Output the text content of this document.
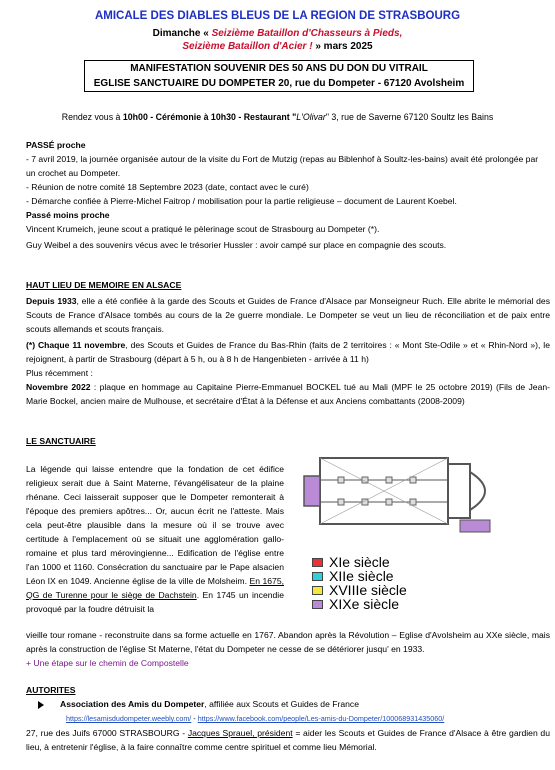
AMICALE DES DIABLES BLEUS DE LA REGION DE STRASBOURG
Dimanche « Seizième Bataillon d'Chasseurs à Pieds,
Seizième Bataillon d'Acier ! » mars 2025
MANIFESTATION SOUVENIR DES 50 ANS DU DON DU VITRAIL
EGLISE SANCTUAIRE DU DOMPETER 20, rue du Dompeter - 67120 Avolsheim
Rendez vous à 10h00 - Cérémonie à 10h30 - Restaurant "L'Olivar" 3, rue de Saverne 67120 Soultz les Bains
PASSÉ proche
- 7 avril 2019, la journée organisée autour de la visite du Fort de Mutzig (repas au Biblenhof à Soultz-les-bains) avait été prolongée par un crochet au Dompeter.
- Réunion de notre comité 18 Septembre 2023 (date, contact avec le curé)
- Démarche confiée à Pierre-Michel Faitrop / mobilisation pour la partie religieuse – document de Laurent Koebel.
Passé moins proche
Vincent Krumeich, jeune scout a pratiqué le pèlerinage scout de Strasbourg au Dompeter (*).
Guy Weibel a des souvenirs vécus avec le trésorier Hussler : avoir campé sur place en compagnie des scouts.
HAUT LIEU DE MEMOIRE EN ALSACE
Depuis 1933, elle a été confiée à la garde des Scouts et Guides de France d'Alsace par Monseigneur Ruch. Elle abrite le mémorial des Scouts de France d'Alsace tombés au cours de la 2e guerre mondiale. Le Dompeter se veut un lieu de réconciliation et de paix entre scouts allemands et scouts français.
(*) Chaque 11 novembre, des Scouts et Guides de France du Bas-Rhin (faits de 2 territoires : « Mont Ste-Odile » et « Rhin-Nord »), le rejoignent, à partir de Strasbourg (départ à 5 h, ou à 8 h de Hangenbieten - arrivée à 11 h)
Plus récemment :
Novembre 2022 : plaque en hommage au Capitaine Pierre-Emmanuel BOCKEL tué au Mali (MPF le 25 octobre 2019) (Fils de Jean-Marie Bockel, ancien maire de Mulhouse, et secrétaire d'État à la Défense et aux Anciens combattants (2008-2009)
LE SANCTUAIRE
La légende qui laisse entendre que la fondation de cet édifice religieux serait due à Saint Materne, l'évangélisateur de la plaine rhénane. Ceci laisserait supposer que le Dompeter remonterait à l'époque des premiers apôtres... Or, aucun écrit ne l'atteste. Mais cela peut-être plausible dans la mesure où il se trouve avec certitude à l'emplacement où se situait une agglomération gallo-romaine et plus tard mérovingienne... Edification de l'église entre l'an 1000 et 1160. Consécration du sanctuaire par le Pape alsacien Léon IX en 1049. Ancienne église de la ville de Molsheim. En 1675, QG de Turenne pour le siège de Dachstein. En 1745 un incendie provoqué par la foudre détruisit la
XIe siècle
XIIe siècle
XVIIIe siècle
XIXe siècle
vieille tour romane - reconstruite dans sa forme actuelle en 1767. Abandon après la Révolution – Eglise d'Avolsheim au XXe siècle, mais après la construction de l'église St Materne, l'état du Dompeter ne cesse de se détériorer jusqu' en 1933.
+ Une étape sur le chemin de Compostelle
AUTORITES
Association des Amis du Dompeter, affiliée aux Scouts et Guides de France
https://lesamisdudompeter.weebly.com/ - https://www.facebook.com/people/Les-amis-du-Dompeter/100068931435060/
27, rue des Juifs 67000 STRASBOURG - Jacques Sprauel, président = aider les Scouts et Guides de France d'Alsace à être gardien du lieu, à entretenir l'église, à la faire connaître comme centre spirituel et comme lieu Mémorial.
